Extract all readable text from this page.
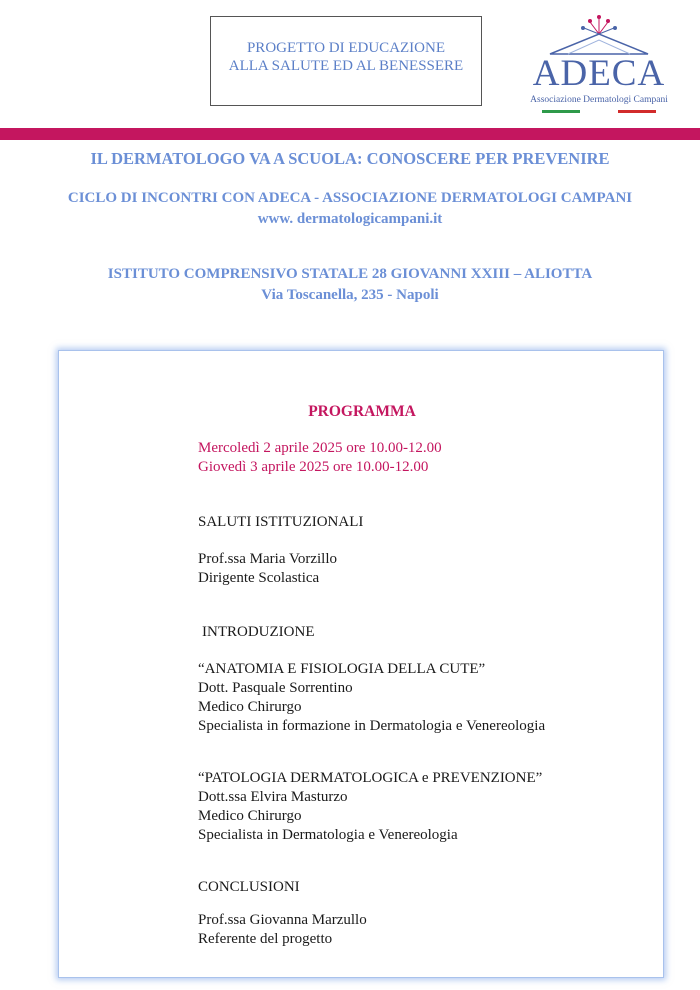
PROGETTO DI EDUCAZIONE
ALLA SALUTE ED AL BENESSERE	ADECA
Associazione Dermatologi Campani
IL DERMATOLOGO VA A SCUOLA: CONOSCERE PER PREVENIRE
CICLO DI INCONTRI CON ADECA - ASSOCIAZIONE DERMATOLOGI CAMPANI
www. dermatologicampani.it
ISTITUTO COMPRENSIVO STATALE 28 GIOVANNI XXIII – ALIOTTA
Via Toscanella, 235 - Napoli
PROGRAMMA
Mercoledì 2 aprile 2025 ore 10.00-12.00
Giovedì 3 aprile 2025 ore 10.00-12.00
SALUTI ISTITUZIONALI
Prof.ssa Maria Vorzillo
Dirigente Scolastica
INTRODUZIONE
“ANATOMIA E FISIOLOGIA DELLA CUTE”
Dott. Pasquale Sorrentino
Medico Chirurgo
Specialista in formazione in Dermatologia e Venereologia
“PATOLOGIA DERMATOLOGICA e PREVENZIONE”
Dott.ssa Elvira Masturzo
Medico Chirurgo
Specialista in Dermatologia e Venereologia
CONCLUSIONI
Prof.ssa Giovanna Marzullo
Referente del progetto
